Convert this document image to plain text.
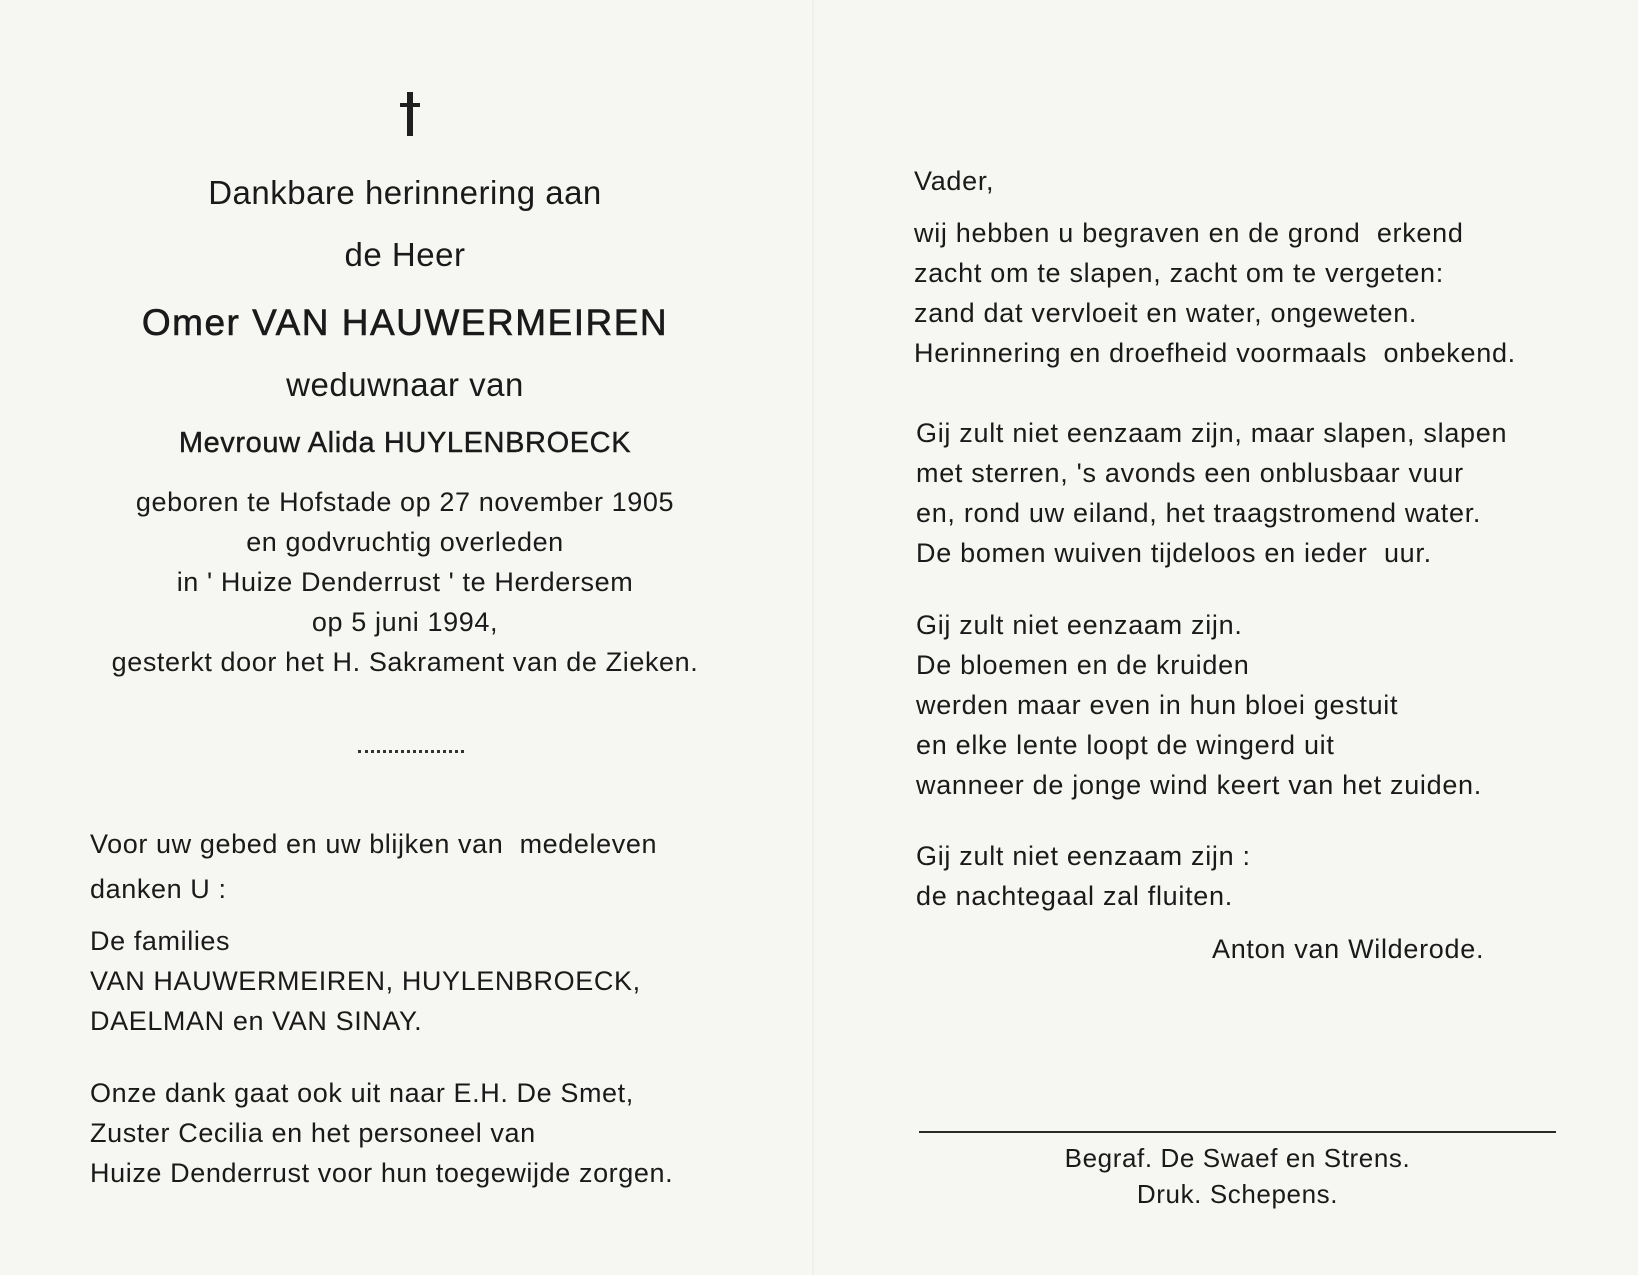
Dankbare herinnering aan
de Heer
Omer VAN HAUWERMEIREN
weduwnaar van
Mevrouw Alida HUYLENBROECK
geboren te Hofstade op 27 november 1905
en godvruchtig overleden
in ' Huize Denderrust ' te Herdersem
op 5 juni 1994,
gesterkt door het H. Sakrament van de Zieken.
Voor uw gebed en uw blijken van  medeleven
danken U :
De families
VAN HAUWERMEIREN, HUYLENBROECK,
DAELMAN en VAN SINAY.
Onze dank gaat ook uit naar E.H. De Smet,
Zuster Cecilia en het personeel van
Huize Denderrust voor hun toegewijde zorgen.
Vader,
wij hebben u begraven en de grond  erkend
zacht om te slapen, zacht om te vergeten:
zand dat vervloeit en water, ongeweten.
Herinnering en droefheid voormaals  onbekend.
Gij zult niet eenzaam zijn, maar slapen, slapen
met sterren, 's avonds een onblusbaar vuur
en, rond uw eiland, het traagstromend water.
De bomen wuiven tijdeloos en ieder  uur.
Gij zult niet eenzaam zijn.
De bloemen en de kruiden
werden maar even in hun bloei gestuit
en elke lente loopt de wingerd uit
wanneer de jonge wind keert van het zuiden.
Gij zult niet eenzaam zijn :
de nachtegaal zal fluiten.
Anton van Wilderode.
Begraf. De Swaef en Strens.
Druk. Schepens.
